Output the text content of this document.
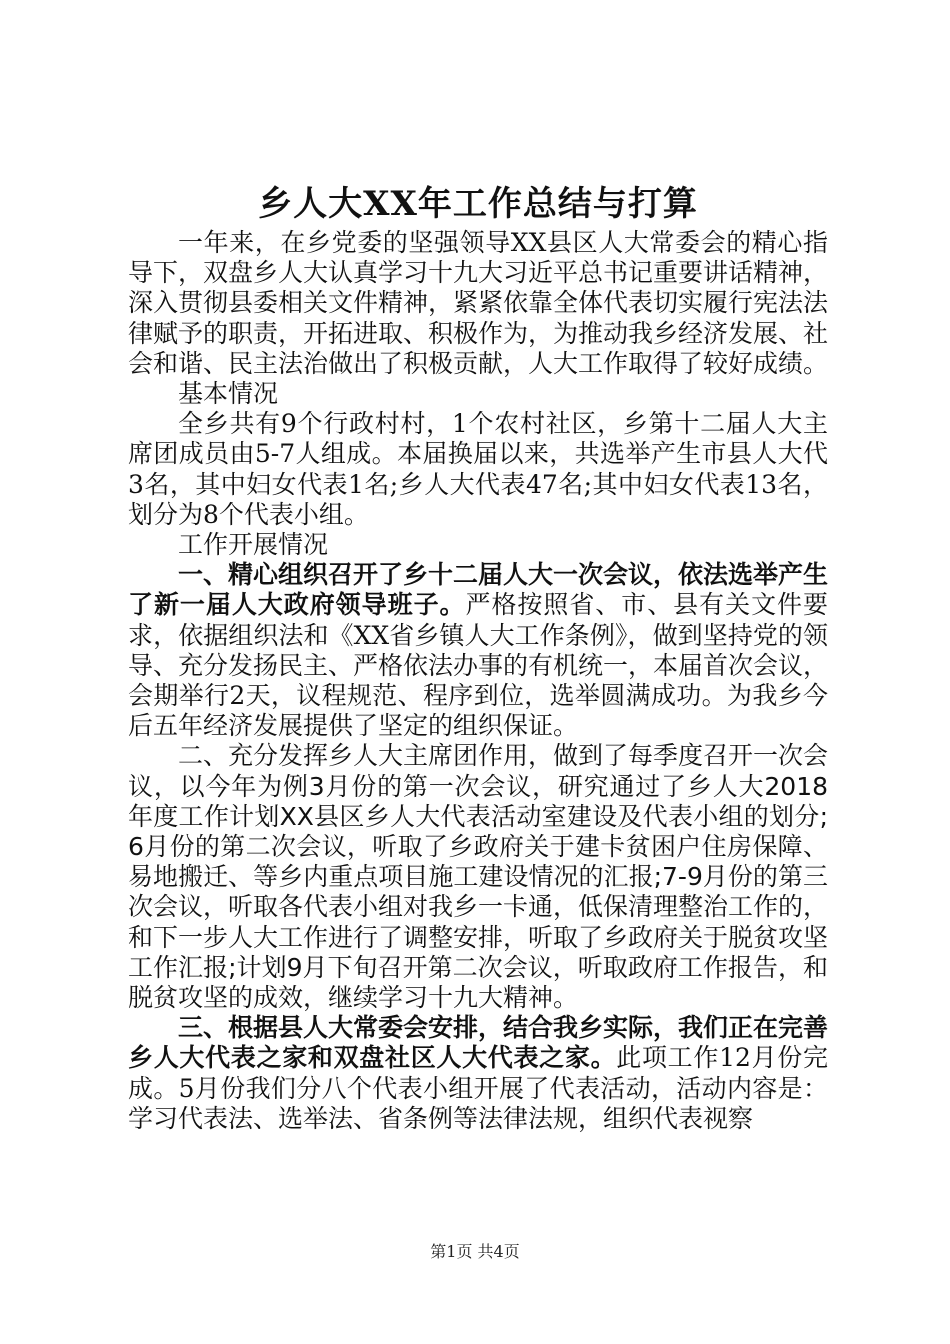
乡人大XX年工作总结与打算

一年来，在乡党委的坚强领导XX县区人大常委会的精心指导下，双盘乡人大认真学习十九大习近平总书记重要讲话精神，深入贯彻县委相关文件精神，紧紧依靠全体代表切实履行宪法法律赋予的职责，开拓进取、积极作为，为推动我乡经济发展、社会和谐、民主法治做出了积极贡献，人大工作取得了较好成绩。

基本情况

全乡共有9个行政村村，1个农村社区，乡第十二届人大主席团成员由5-7人组成。本届换届以来，共选举产生市县人大代3名，其中妇女代表1名;乡人大代表47名;其中妇女代表13名，划分为8个代表小组。

工作开展情况

一、精心组织召开了乡十二届人大一次会议，依法选举产生了新一届人大政府领导班子。严格按照省、市、县有关文件要求，依据组织法和《XX省乡镇人大工作条例》，做到坚持党的领导、充分发扬民主、严格依法办事的有机统一，本届首次会议，会期举行2天，议程规范、程序到位，选举圆满成功。为我乡今后五年经济发展提供了坚定的组织保证。

二、充分发挥乡人大主席团作用，做到了每季度召开一次会议，以今年为例3月份的第一次会议，研究通过了乡人大2018年度工作计划XX县区乡人大代表活动室建设及代表小组的划分;6月份的第二次会议，听取了乡政府关于建卡贫困户住房保障、易地搬迁、等乡内重点项目施工建设情况的汇报;7-9月份的第三次会议，听取各代表小组对我乡一卡通，低保清理整治工作的，和下一步人大工作进行了调整安排，听取了乡政府关于脱贫攻坚工作汇报;计划9月下旬召开第二次会议，听取政府工作报告，和脱贫攻坚的成效，继续学习十九大精神。

三、根据县人大常委会安排，结合我乡实际，我们正在完善乡人大代表之家和双盘社区人大代表之家。此项工作12月份完成。5月份我们分八个代表小组开展了代表活动，活动内容是：学习代表法、选举法、省条例等法律法规，组织代表视察

第1页 共4页
